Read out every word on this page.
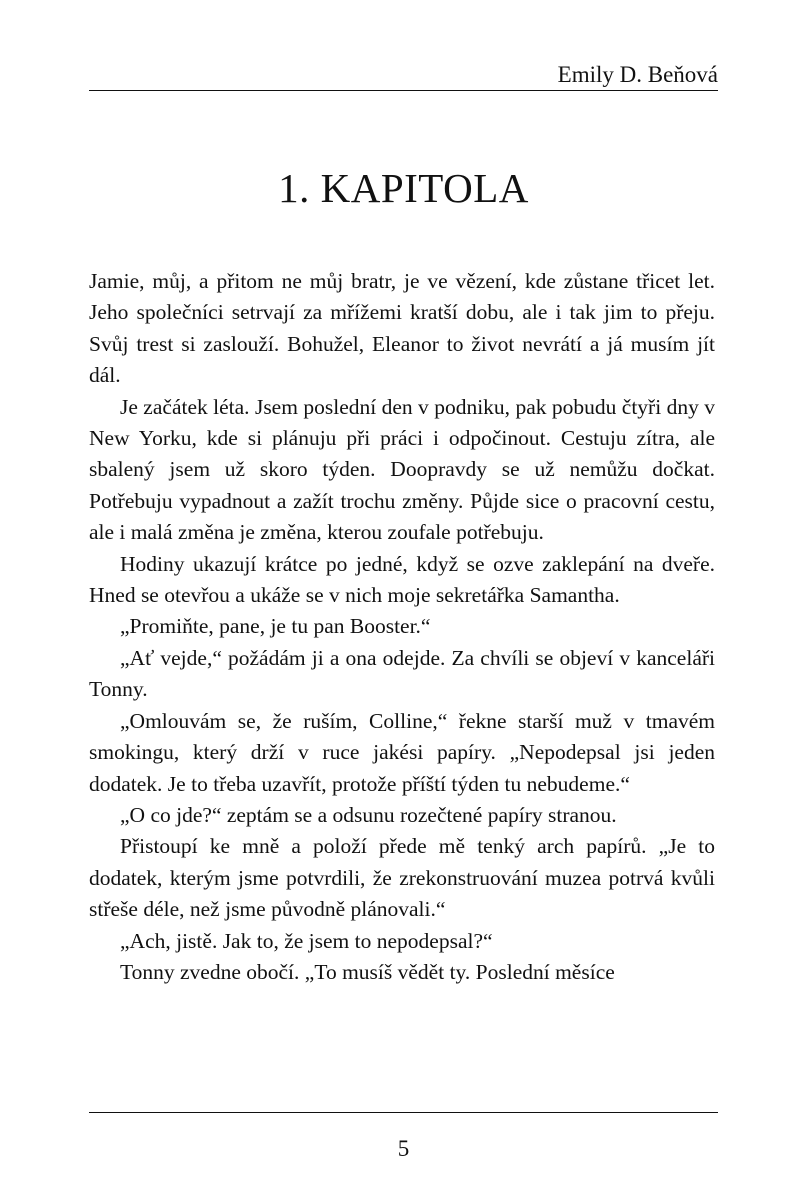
Emily D. Beňová
1. KAPITOLA

Jamie, můj, a přitom ne můj bratr, je ve vězení, kde zůstane třicet let. Jeho společníci setrvají za mřížemi kratší dobu, ale i tak jim to přeju. Svůj trest si zaslouží. Bohužel, Eleanor to život nevrátí a já musím jít dál.

Je začátek léta. Jsem poslední den v podniku, pak pobudu čtyři dny v New Yorku, kde si plánuju při práci i odpočinout. Cestuju zítra, ale sbalený jsem už skoro týden. Doopravdy se už nemůžu dočkat. Potřebuju vypadnout a zažít trochu změny. Půjde sice o pracovní cestu, ale i malá změna je změna, kterou zoufale potřebuju.

Hodiny ukazují krátce po jedné, když se ozve zaklepání na dveře. Hned se otevřou a ukáže se v nich moje sekretářka Samantha.

„Promiňte, pane, je tu pan Booster.“

„Ať vejde,“ požádám ji a ona odejde. Za chvíli se objeví v kanceláři Tonny.

„Omlouvám se, že ruším, Colline,“ řekne starší muž v tmavém smokingu, který drží v ruce jakési papíry. „Nepodepsal jsi jeden dodatek. Je to třeba uzavřít, protože příští týden tu nebudeme.“

„O co jde?“ zeptám se a odsunu rozečtené papíry stranou.

Přistoupí ke mně a položí přede mě tenký arch papírů. „Je to dodatek, kterým jsme potvrdili, že zrekonstruování muzea potrvá kvůli střeše déle, než jsme původně plánovali.“

„Ach, jistě. Jak to, že jsem to nepodepsal?“

Tonny zvedne obočí. „To musíš vědět ty. Poslední měsíce

5
